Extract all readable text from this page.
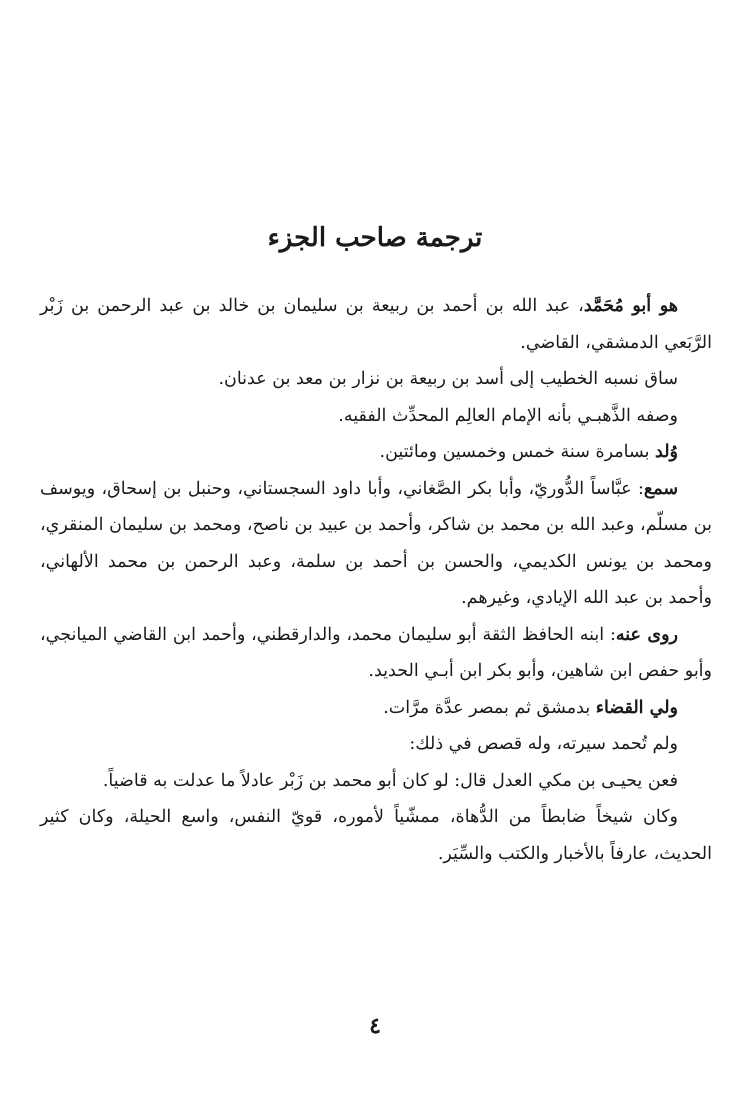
ترجمة صاحب الجزء

هو أبو مُحَمَّد، عبد الله بن أحمد بن ربيعة بن سليمان بن خالد بن عبد الرحمن بن زَبْر الرَّبَعي الدمشقي، القاضي.

ساق نسبه الخطيب إلى أسد بن ربيعة بن نزار بن معد بن عدنان.

وصفه الذَّهبـي بأنه الإمام العالِم المحدِّث الفقيه.

وُلد بسامرة سنة خمس وخمسين ومائتين.

سمع: عبَّاساً الدُّوريّ، وأبا بكر الصَّغاني، وأبا داود السجستاني، وحنبل بن إسحاق، ويوسف بن مسلّم، وعبد الله بن محمد بن شاكر، وأحمد بن عبيد بن ناصح، ومحمد بن سليمان المنقري، ومحمد بن يونس الكديمي، والحسن بن أحمد بن سلمة، وعبد الرحمن بن محمد الألهاني، وأحمد بن عبد الله الإيادي، وغيرهم.

روى عنه: ابنه الحافظ الثقة أبو سليمان محمد، والدارقطني، وأحمد ابن القاضي الميانجي، وأبو حفص ابن شاهين، وأبو بكر ابن أبـي الحديد.

ولي القضاء بدمشق ثم بمصر عدَّة مرَّات.

ولم تُحمد سيرته، وله قصص في ذلك:

فعن يحيـى بن مكي العدل قال: لو كان أبو محمد بن زَبْر عادلاً ما عدلت به قاضياً.

وكان شيخاً ضابطاً من الدُّهاة، ممشّياً لأموره، قويّ النفس، واسع الحيلة، وكان كثير الحديث، عارفاً بالأخبار والكتب والسِّيَر.

٤
